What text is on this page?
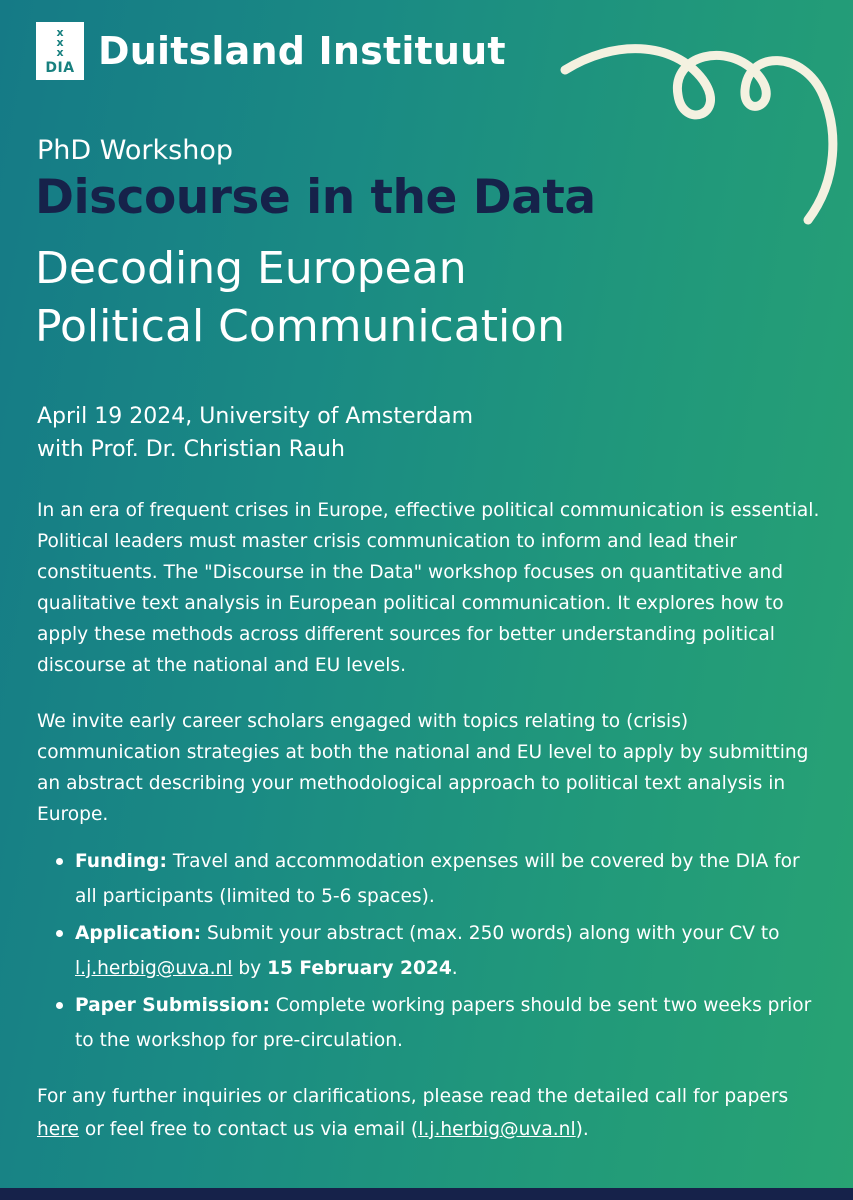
x
x
x
DIA Duitsland Instituut
PhD Workshop
Discourse in the Data
Decoding European
Political Communication
April 19 2024, University of Amsterdam
with Prof. Dr. Christian Rauh
In an era of frequent crises in Europe, effective political communication is essential. Political leaders must master crisis communication to inform and lead their constituents. The "Discourse in the Data" workshop focuses on quantitative and qualitative text analysis in European political communication. It explores how to apply these methods across different sources for better understanding political discourse at the national and EU levels.
We invite early career scholars engaged with topics relating to (crisis) communication strategies at both the national and EU level to apply by submitting an abstract describing your methodological approach to political text analysis in Europe.
Funding: Travel and accommodation expenses will be covered by the DIA for all participants (limited to 5-6 spaces).
Application: Submit your abstract (max. 250 words) along with your CV to l.j.herbig@uva.nl by 15 February 2024.
Paper Submission: Complete working papers should be sent two weeks prior to the workshop for pre-circulation.
For any further inquiries or clarifications, please read the detailed call for papers here or feel free to contact us via email (l.j.herbig@uva.nl).
